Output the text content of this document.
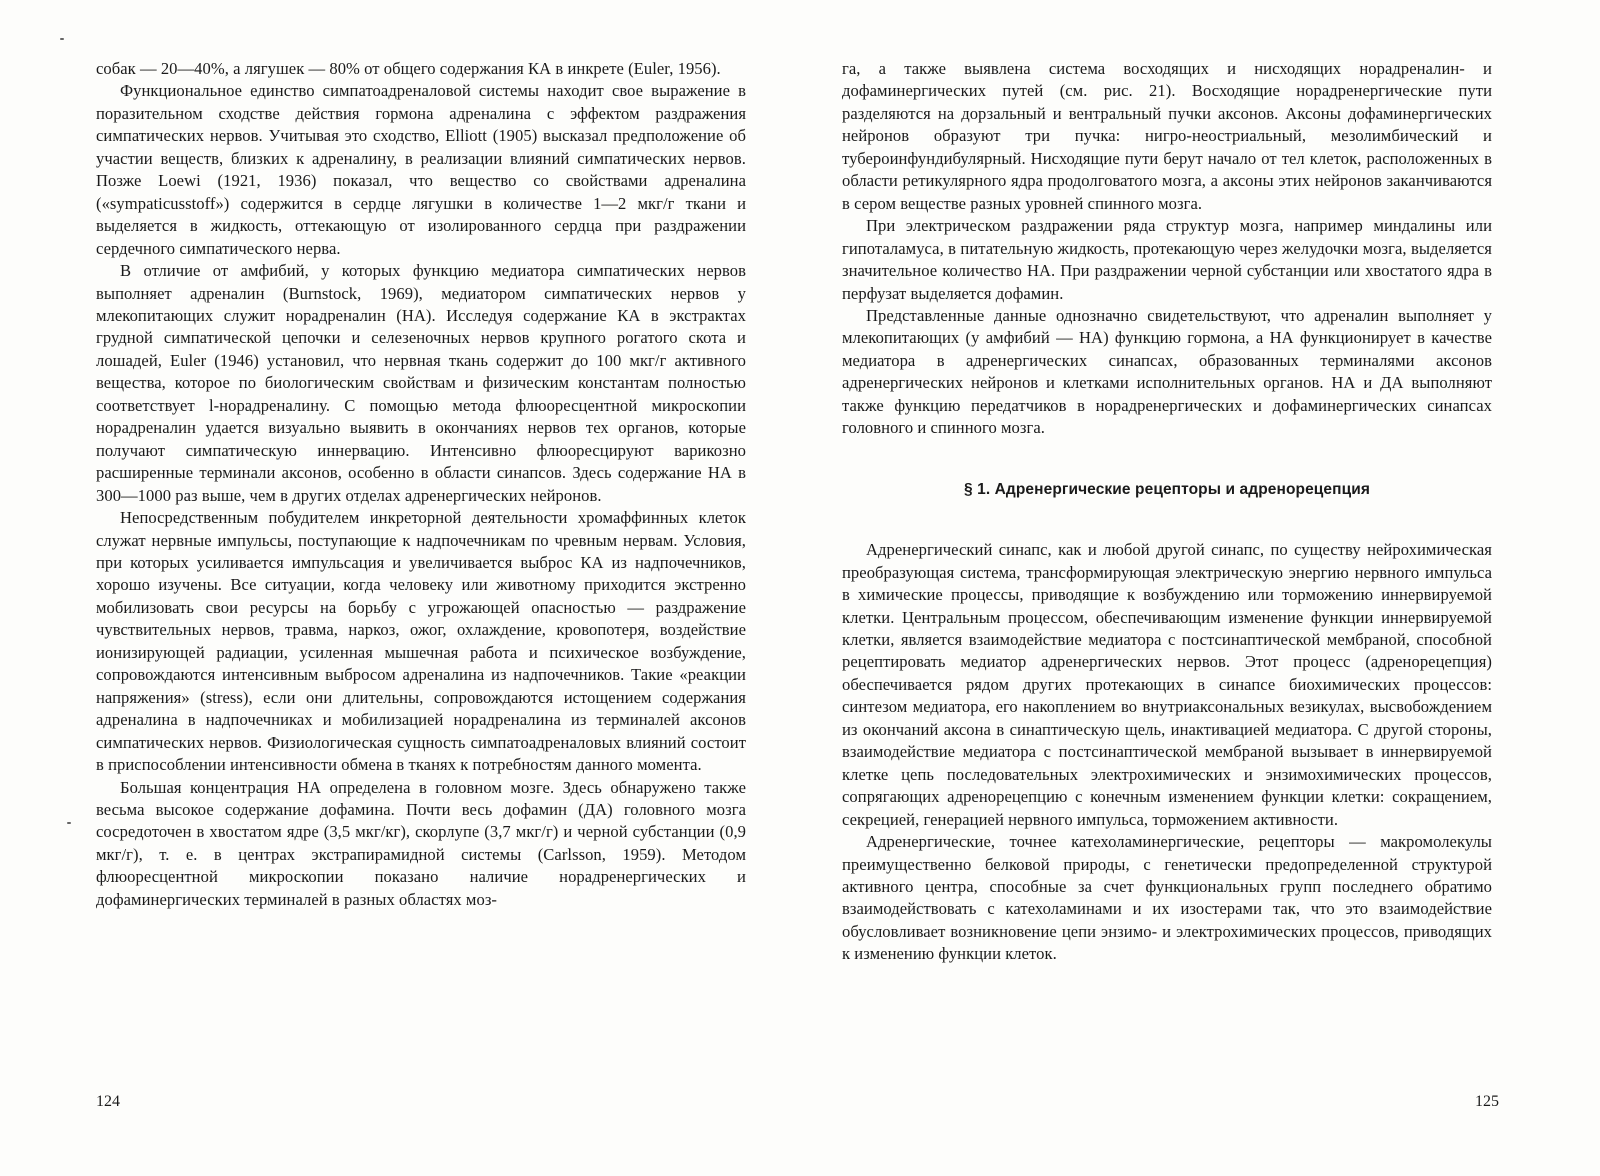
собак — 20—40%, а лягушек — 80% от общего содержания КА в инкрете (Euler, 1956).

Функциональное единство симпатоадреналовой системы находит свое выражение в поразительном сходстве действия гормона адреналина с эффектом раздражения симпатических нервов. Учитывая это сходство, Elliott (1905) высказал предположение об участии веществ, близких к адреналину, в реализации влияний симпатических нервов. Позже Loewi (1921, 1936) показал, что вещество со свойствами адреналина («sympaticusstoff») содержится в сердце лягушки в количестве 1—2 мкг/г ткани и выделяется в жидкость, оттекающую от изолированного сердца при раздражении сердечного симпатического нерва.

В отличие от амфибий, у которых функцию медиатора симпатических нервов выполняет адреналин (Burnstock, 1969), медиатором симпатических нервов у млекопитающих служит норадреналин (НА). Исследуя содержание КА в экстрактах грудной симпатической цепочки и селезеночных нервов крупного рогатого скота и лошадей, Euler (1946) установил, что нервная ткань содержит до 100 мкг/г активного вещества, которое по биологическим свойствам и физическим константам полностью соответствует l-норадреналину. С помощью метода флюоресцентной микроскопии норадреналин удается визуально выявить в окончаниях нервов тех органов, которые получают симпатическую иннервацию. Интенсивно флюоресцируют варикозно расширенные терминали аксонов, особенно в области синапсов. Здесь содержание НА в 300—1000 раз выше, чем в других отделах адренергических нейронов.

Непосредственным побудителем инкреторной деятельности хромаффинных клеток служат нервные импульсы, поступающие к надпочечникам по чревным нервам. Условия, при которых усиливается импульсация и увеличивается выброс КА из надпочечников, хорошо изучены. Все ситуации, когда человеку или животному приходится экстренно мобилизовать свои ресурсы на борьбу с угрожающей опасностью — раздражение чувствительных нервов, травма, наркоз, ожог, охлаждение, кровопотеря, воздействие ионизирующей радиации, усиленная мышечная работа и психическое возбуждение, сопровождаются интенсивным выбросом адреналина из надпочечников. Такие «реакции напряжения» (stress), если они длительны, сопровождаются истощением содержания адреналина в надпочечниках и мобилизацией норадреналина из терминалей аксонов симпатических нервов. Физиологическая сущность симпатоадреналовых влияний состоит в приспособлении интенсивности обмена в тканях к потребностям данного момента.

Большая концентрация НА определена в головном мозге. Здесь обнаружено также весьма высокое содержание дофамина. Почти весь дофамин (ДА) головного мозга сосредоточен в хвостатом ядре (3,5 мкг/кг), скорлупе (3,7 мкг/г) и черной субстанции (0,9 мкг/г), т. е. в центрах экстрапирамидной системы (Carlsson, 1959). Методом флюоресцентной микроскопии показано наличие норадренергических и дофаминергических терминалей в разных областях моз-

124

га, а также выявлена система восходящих и нисходящих норадреналин- и дофаминергических путей (см. рис. 21). Восходящие норадренергические пути разделяются на дорзальный и вентральный пучки аксонов. Аксоны дофаминергических нейронов образуют три пучка: нигро-неостриальный, мезолимбический и тубероинфундибулярный. Нисходящие пути берут начало от тел клеток, расположенных в области ретикулярного ядра продолговатого мозга, а аксоны этих нейронов заканчиваются в сером веществе разных уровней спинного мозга.

При электрическом раздражении ряда структур мозга, например миндалины или гипоталамуса, в питательную жидкость, протекающую через желудочки мозга, выделяется значительное количество НА. При раздражении черной субстанции или хвостатого ядра в перфузат выделяется дофамин.

Представленные данные однозначно свидетельствуют, что адреналин выполняет у млекопитающих (у амфибий — НА) функцию гормона, а НА функционирует в качестве медиатора в адренергических синапсах, образованных терминалями аксонов адренергических нейронов и клетками исполнительных органов. НА и ДА выполняют также функцию передатчиков в норадренергических и дофаминергических синапсах головного и спинного мозга.

§ 1. Адренергические рецепторы и адренорецепция

Адренергический синапс, как и любой другой синапс, по существу нейрохимическая преобразующая система, трансформирующая электрическую энергию нервного импульса в химические процессы, приводящие к возбуждению или торможению иннервируемой клетки. Центральным процессом, обеспечивающим изменение функции иннервируемой клетки, является взаимодействие медиатора с постсинаптической мембраной, способной рецептировать медиатор адренергических нервов. Этот процесс (адренорецепция) обеспечивается рядом других протекающих в синапсе биохимических процессов: синтезом медиатора, его накоплением во внутриаксональных везикулах, высвобождением из окончаний аксона в синаптическую щель, инактивацией медиатора. С другой стороны, взаимодействие медиатора с постсинаптической мембраной вызывает в иннервируемой клетке цепь последовательных электрохимических и энзимохимических процессов, сопрягающих адренорецепцию с конечным изменением функции клетки: сокращением, секрецией, генерацией нервного импульса, торможением активности.

Адренергические, точнее катехоламинергические, рецепторы — макромолекулы преимущественно белковой природы, с генетически предопределенной структурой активного центра, способные за счет функциональных групп последнего обратимо взаимодействовать с катехоламинами и их изостерами так, что это взаимодействие обусловливает возникновение цепи энзимо- и электрохимических процессов, приводящих к изменению функции клеток.

125
